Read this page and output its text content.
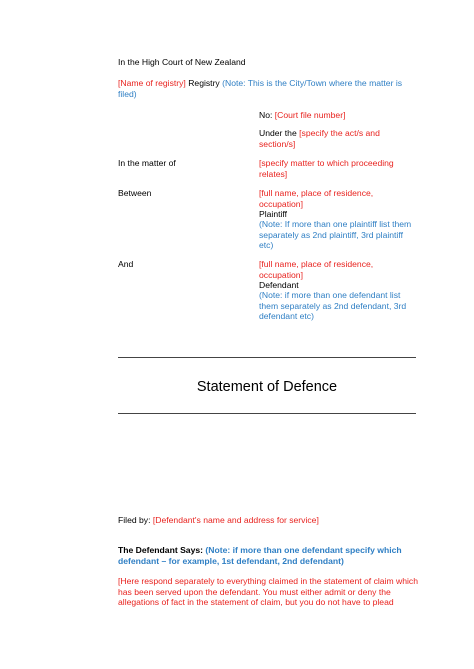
In the High Court of New Zealand
[Name of registry] Registry (Note: This is the City/Town where the matter is filed)
No: [Court file number]
Under the [specify the act/s and section/s]
In the matter of	[specify matter to which proceeding relates]
Between	[full name, place of residence, occupation]
Plaintiff
(Note: If more than one plaintiff list them separately as 2nd plaintiff, 3rd plaintiff etc)
And	[full name, place of residence, occupation]
Defendant
(Note: if more than one defendant list them separately as 2nd defendant, 3rd defendant etc)
Statement of Defence
Filed by: [Defendant's name and address for service]
The Defendant Says: (Note: if more than one defendant specify which defendant – for example, 1st defendant, 2nd defendant)
[Here respond separately to everything claimed in the statement of claim which has been served upon the defendant. You must either admit or deny the allegations of fact in the statement of claim, but you do not have to plead
